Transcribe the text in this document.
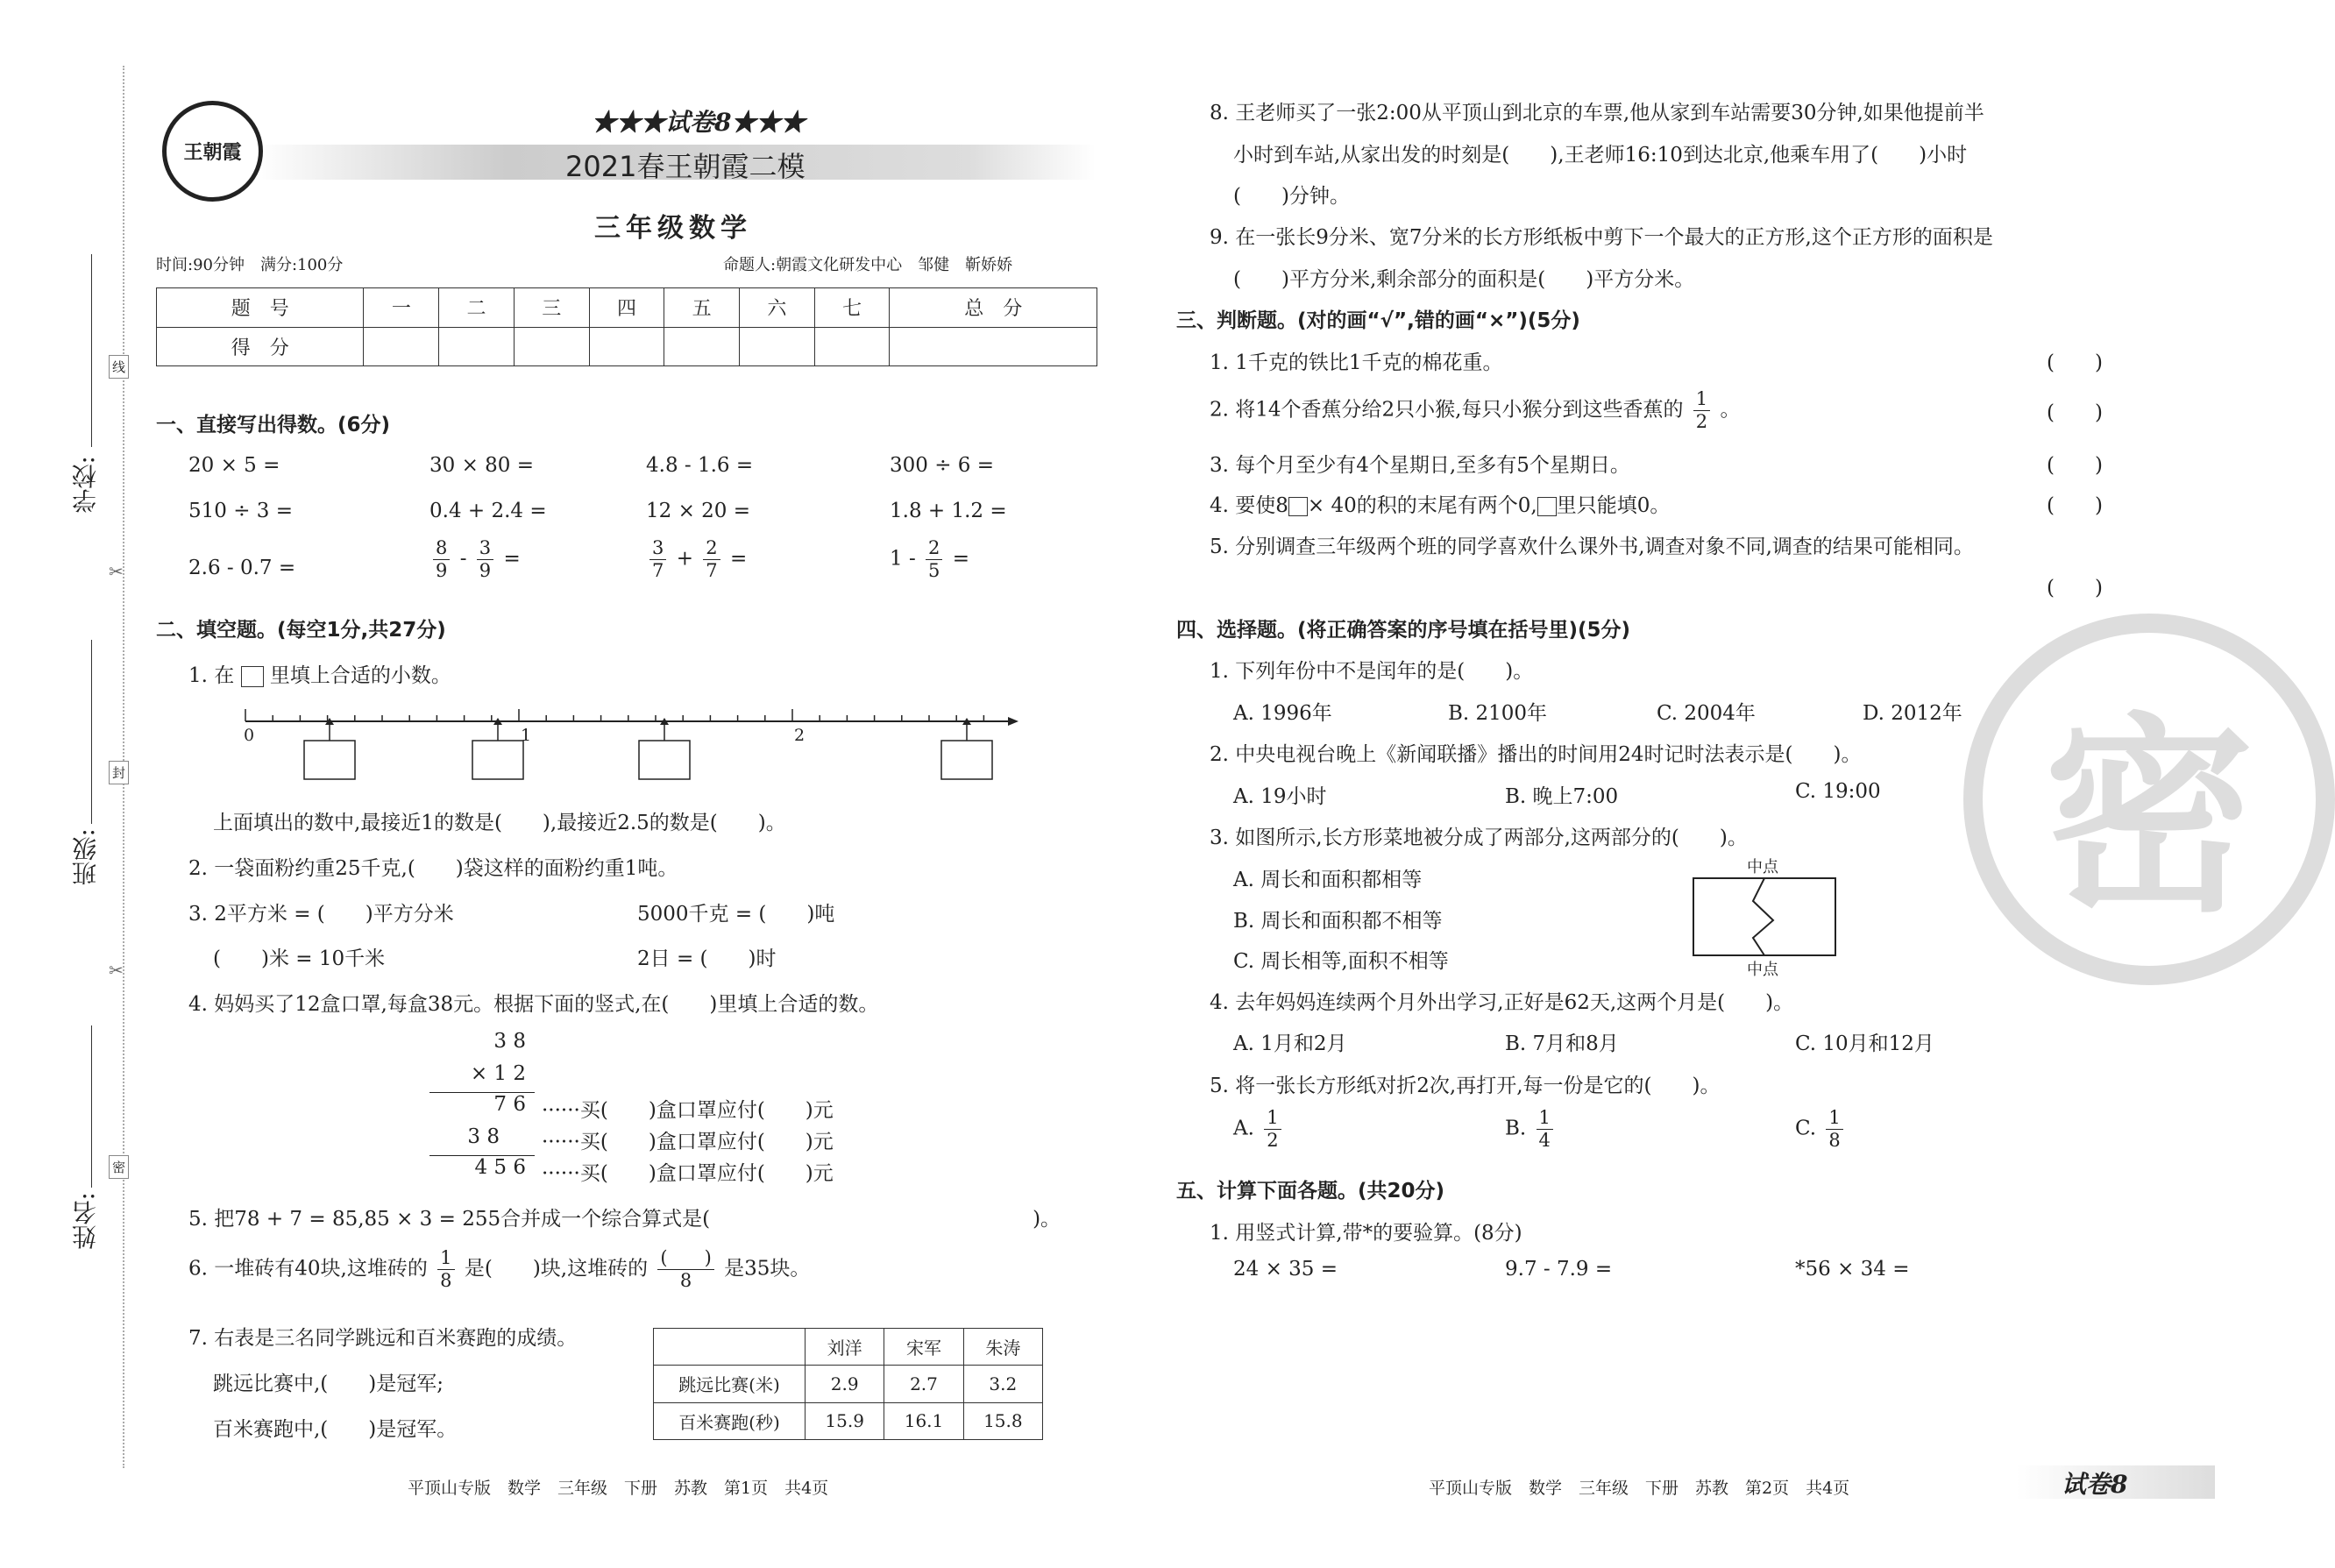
学校:
班级:
姓名:
线
封
密
✂
✂
王朝霞
★★★试卷8★★★
2021春王朝霞二模
三年级数学
时间:90分钟　满分:100分	命题人:朝霞文化研发中心　邹健　靳娇娇
题　号	一	二	三	四	五	六	七	总　分
得　分								
一、直接写出得数。(6分)
20 × 5 =	30 × 80 =	4.8 - 1.6 =	300 ÷ 6 =
510 ÷ 3 =	0.4 + 2.4 =	12 × 20 =	1.8 + 1.2 =
2.6 - 0.7 =	$\frac{8}{9} - \frac{3}{9}$ =	$\frac{3}{7} + \frac{2}{7}$ =	$1 - \frac{2}{5}$ =
二、填空题。(每空1分,共27分)
1. 在 里填上合适的小数。
0	1	2
上面填出的数中,最接近1的数是(　　),最接近2.5的数是(　　)。
2. 一袋面粉约重25千克,(　　)袋这样的面粉约重1吨。
3. 2平方米 = (　　)平方分米	5000千克 = (　　)吨
(　　)米 = 10千米	2日 = (　　)时
4. 妈妈买了12盒口罩,每盒38元。根据下面的竖式,在(　　)里填上合适的数。
3 8
× 1 2
7 6
3 8
4 5 6
······买(　　)盒口罩应付(　　)元
······买(　　)盒口罩应付(　　)元
······买(　　)盒口罩应付(　　)元
5. 把78 + 7 = 85,85 × 3 = 255合并成一个综合算式是(　　　　　　　　　　　　　　　　)。
6. 一堆砖有40块,这堆砖的 $\frac{1}{8}$ 是(　　)块,这堆砖的 $\frac{( )}{8}$ 是35块。
7. 右表是三名同学跳远和百米赛跑的成绩。
跳远比赛中,(　　)是冠军;
百米赛跑中,(　　)是冠军。
	刘洋	宋军	朱涛
跳远比赛(米)	2.9	2.7	3.2
百米赛跑(秒)	15.9	16.1	15.8
平顶山专版　数学　三年级　下册　苏教　第1页　共4页
密
8. 王老师买了一张2:00从平顶山到北京的车票,他从家到车站需要30分钟,如果他提前半
小时到车站,从家出发的时刻是(　　),王老师16:10到达北京,他乘车用了(　　)小时
(　　)分钟。
9. 在一张长9分米、宽7分米的长方形纸板中剪下一个最大的正方形,这个正方形的面积是
(　　)平方分米,剩余部分的面积是(　　)平方分米。
三、判断题。(对的画“√”,错的画“×”)(5分)
1. 1千克的铁比1千克的棉花重。	(　　)
2. 将14个香蕉分给2只小猴,每只小猴分到这些香蕉的 $\frac{1}{2}$ 。	(　　)
3. 每个月至少有4个星期日,至多有5个星期日。	(　　)
4. 要使8 × 40的积的末尾有两个0, 里只能填0。	(　　)
5. 分别调查三年级两个班的同学喜欢什么课外书,调查对象不同,调查的结果可能相同。
(　　)
四、选择题。(将正确答案的序号填在括号里)(5分)
1. 下列年份中不是闰年的是(　　)。
A. 1996年	B. 2100年	C. 2004年	D. 2012年
2. 中央电视台晚上《新闻联播》播出的时间用24时记时法表示是(　　)。
A. 19小时	B. 晚上7:00	C. 19:00
3. 如图所示,长方形菜地被分成了两部分,这两部分的(　　)。
A. 周长和面积都相等
B. 周长和面积都不相等
C. 周长相等,面积不相等
中点
中点
4. 去年妈妈连续两个月外出学习,正好是62天,这两个月是(　　)。
A. 1月和2月	B. 7月和8月	C. 10月和12月
5. 将一张长方形纸对折2次,再打开,每一份是它的(　　)。
A. $\frac{1}{2}$	B. $\frac{1}{4}$	C. $\frac{1}{8}$
五、计算下面各题。(共20分)
1. 用竖式计算,带*的要验算。(8分)
24 × 35 =	9.7 - 7.9 =	*56 × 34 =
平顶山专版　数学　三年级　下册　苏教　第2页　共4页	试卷8
